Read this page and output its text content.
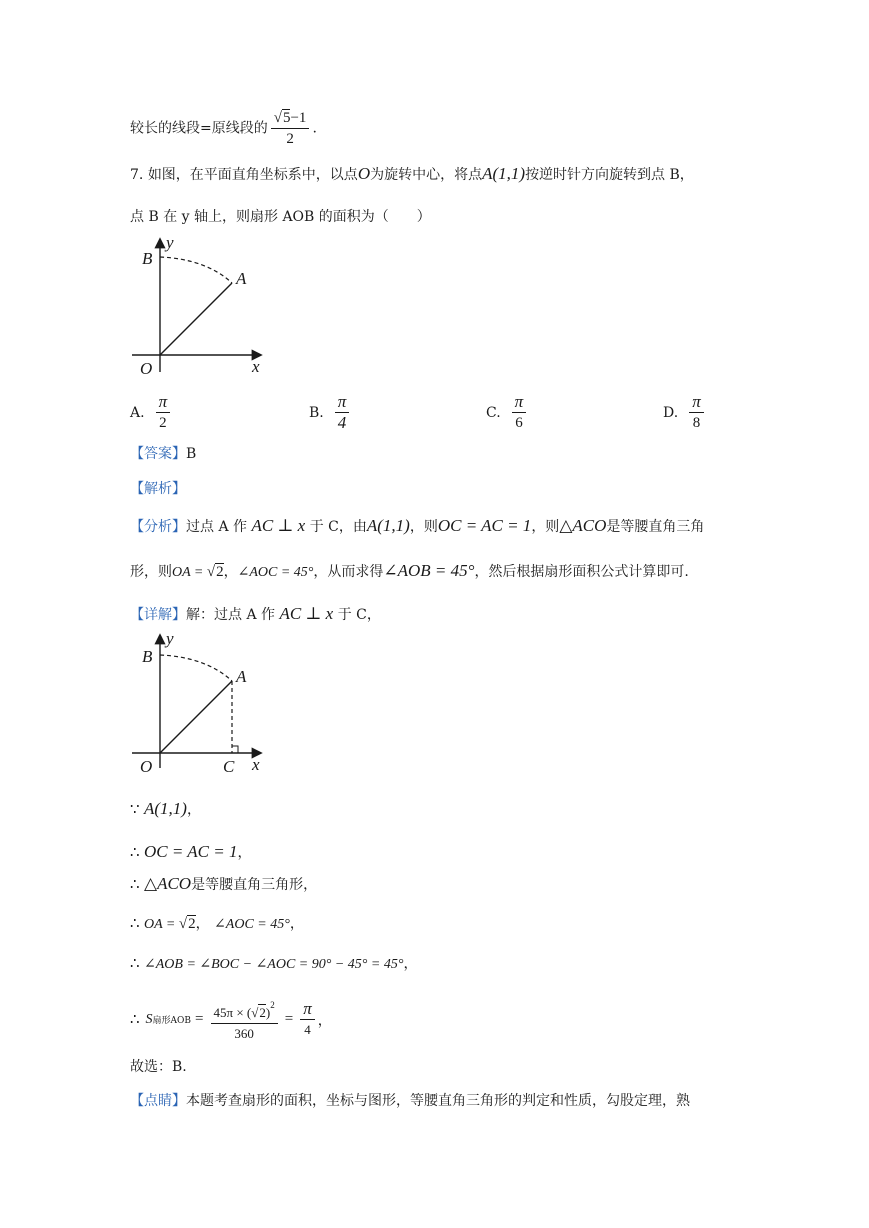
较长的线段=原线段的 $\frac{√5-1}{2}$ .
7. 如图，在平面直角坐标系中，以点O为旋转中心，将点A(1,1)按逆时针方向旋转到点 B，
点 B 在 y 轴上，则扇形 AOB 的面积为（　　）
y
x
O
A
B
A. $\frac{\pi}{2}$	B. $\frac{\pi}{4}$	C. $\frac{\pi}{6}$	D. $\frac{\pi}{8}$
【答案】B
【解析】
【分析】过点 A 作 AC ⊥ x 于 C，由A(1,1)，则OC = AC = 1，则△ACO是等腰直角三角
形，则OA = √2，∠AOC = 45°，从而求得∠AOB = 45°，然后根据扇形面积公式计算即可.
【详解】解：过点 A 作 AC ⊥ x 于 C，
y
x
O
A
B
C
∵ A(1,1)，
∴ OC = AC = 1，
∴ △ACO是等腰直角三角形，
∴ OA = √2， ∠AOC = 45°，
∴ ∠AOB = ∠BOC − ∠AOC = 90° − 45° = 45°，
∴ S 扇形AOB = $\frac{45\pi \times (√2)^2}{360} = \frac{\pi}{4}$ ，
故选：B.
【点睛】本题考查扇形的面积，坐标与图形，等腰直角三角形的判定和性质，勾股定理，熟
